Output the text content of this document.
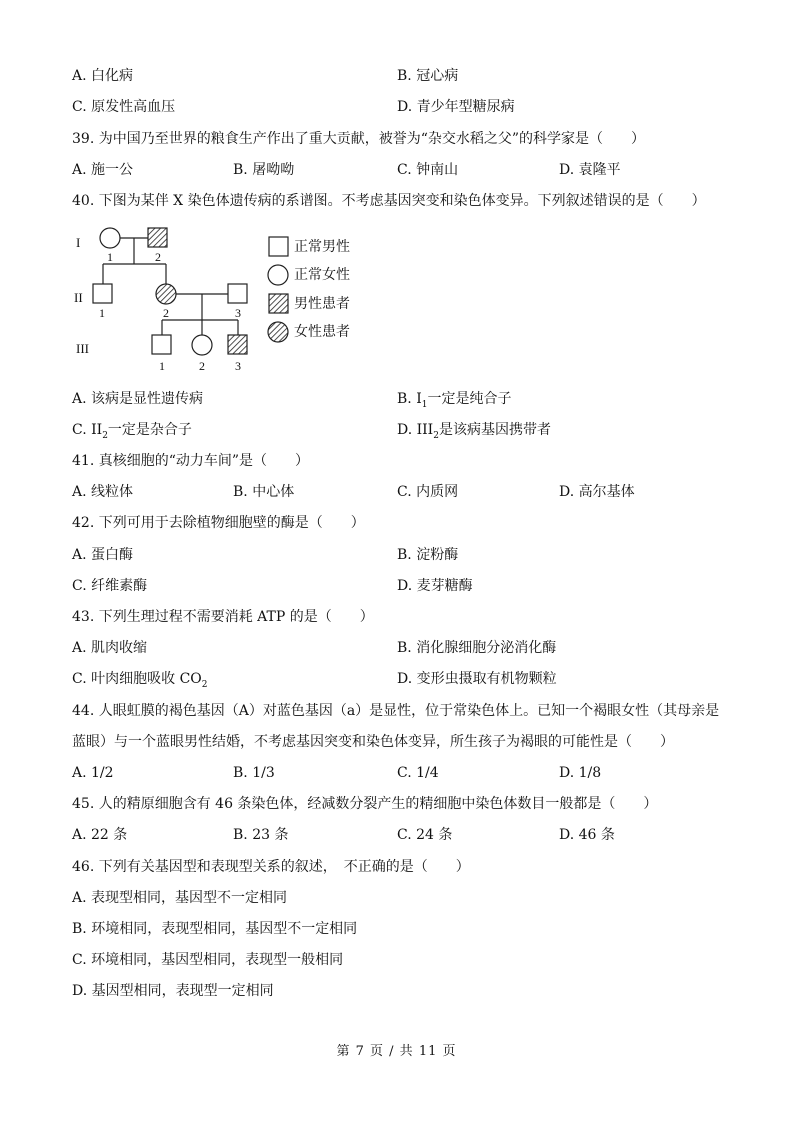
A. 白化病	B. 冠心病
C. 原发性高血压	D. 青少年型糖尿病
39. 为中国乃至世界的粮食生产作出了重大贡献，被誉为“杂交水稻之父”的科学家是（　　）
A. 施一公	B. 屠呦呦	C. 钟南山	D. 袁隆平
40. 下图为某伴 X 染色体遗传病的系谱图。不考虑基因突变和染色体变异。下列叙述错误的是（　　）
I
II
III
1	2
1	2	3
1	2	3
正常男性
正常女性
男性患者
女性患者
A. 该病是显性遗传病	B. $I_1$一定是纯合子
C. $II_2$一定是杂合子	D. $III_2$是该病基因携带者
41. 真核细胞的“动力车间”是（　　）
A. 线粒体	B. 中心体	C. 内质网	D. 高尔基体
42. 下列可用于去除植物细胞壁的酶是（　　）
A. 蛋白酶	B. 淀粉酶
C. 纤维素酶	D. 麦芽糖酶
43. 下列生理过程不需要消耗 ATP 的是（　　）
A. 肌肉收缩	B. 消化腺细胞分泌消化酶
C. 叶肉细胞吸收 $CO_2$	D. 变形虫摄取有机物颗粒
44. 人眼虹膜的褐色基因（A）对蓝色基因（a）是显性，位于常染色体上。已知一个褐眼女性（其母亲是
蓝眼）与一个蓝眼男性结婚，不考虑基因突变和染色体变异，所生孩子为褐眼的可能性是（　　）
A. 1/2	B. 1/3	C. 1/4	D. 1/8
45. 人的精原细胞含有 46 条染色体，经减数分裂产生的精细胞中染色体数目一般都是（　　）
A. 22 条	B. 23 条	C. 24 条	D. 46 条
46. 下列有关基因型和表现型关系的叙述，　不正确的是（　　）
A. 表现型相同，基因型不一定相同
B. 环境相同，表现型相同，基因型不一定相同
C. 环境相同，基因型相同，表现型一般相同
D. 基因型相同，表现型一定相同
第 7 页 / 共 11 页
